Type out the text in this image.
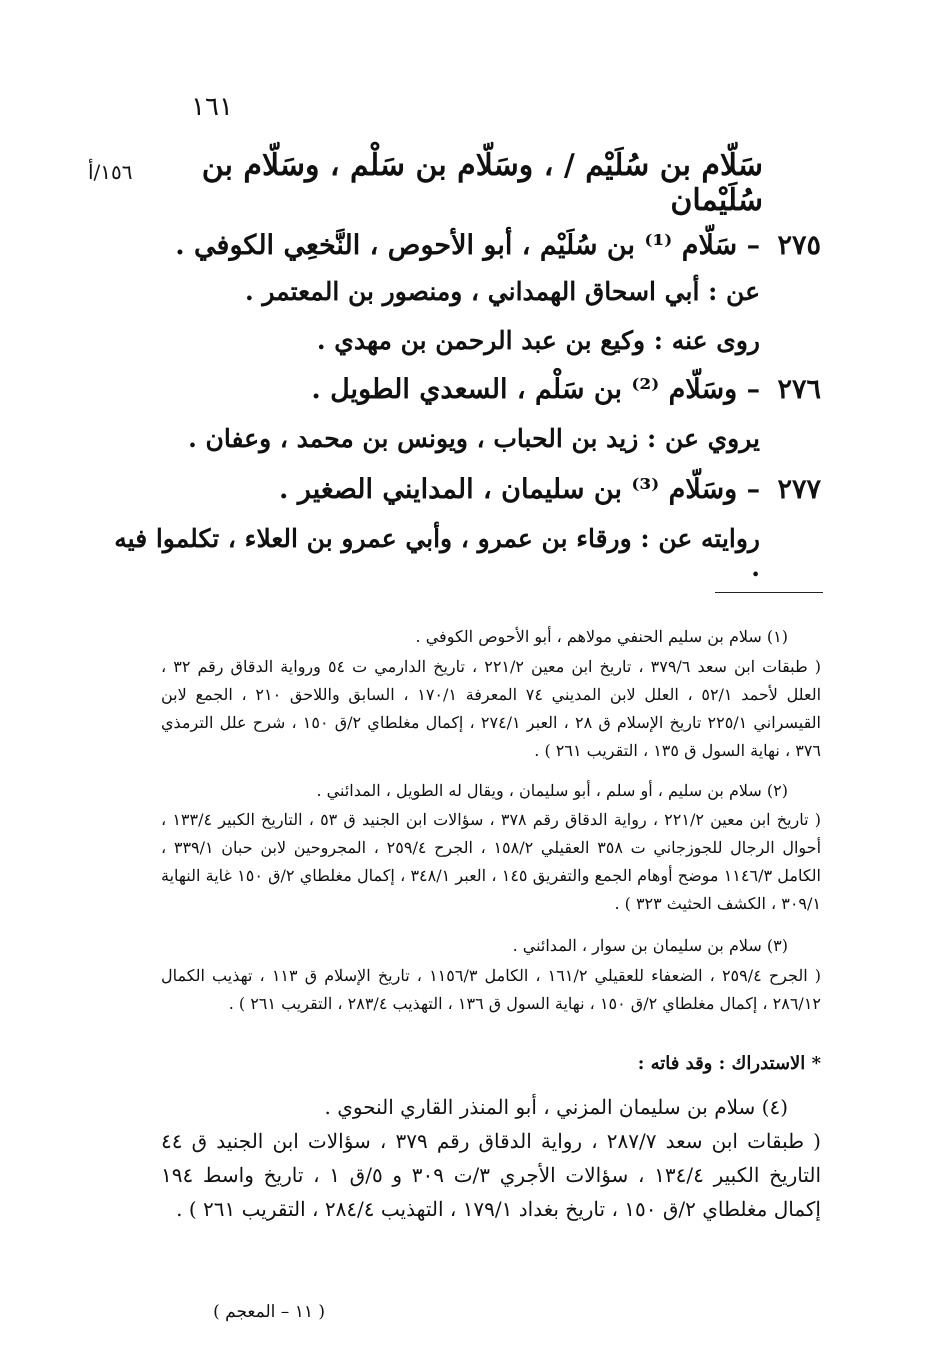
١٦١
سَلّام بن سُلَيْم / ، وسَلّام بن سَلْم ، وسَلّام بن سُلَيْمان
١٥٦/أ
٢٧٥ – سَلّام ⁽¹⁾ بن سُلَيْم ، أبو الأحوص ، النَّخعِي الكوفي .
عن : أبي اسحاق الهمداني ، ومنصور بن المعتمر .
روى عنه : وكيع بن عبد الرحمن بن مهدي .
٢٧٦ – وسَلّام ⁽²⁾ بن سَلْم ، السعدي الطويل .
يروي عن : زيد بن الحباب ، ويونس بن محمد ، وعفان .
٢٧٧ – وسَلّام ⁽³⁾ بن سليمان ، المدايني الصغير .
روايته عن : ورقاء بن عمرو ، وأبي عمرو بن العلاء ، تكلموا فيه .
(١) سلام بن سليم الحنفي مولاهم ، أبو الأحوص الكوفي .
( طبقات ابن سعد ٣٧٩/٦ ، تاريخ ابن معين ٢٢١/٢ ، تاريخ الدارمي ت ٥٤ ورواية الدقاق رقم ٣٢ ، العلل لأحمد ٥٢/١ ، العلل لابن المديني ٧٤ المعرفة ١٧٠/١ ، السابق واللاحق ٢١٠ ، الجمع لابن القيسراني ٢٢٥/١ تاريخ الإسلام ق ٢٨ ، العبر ٢٧٤/١ ، إكمال مغلطاي ٢/ق ١٥٠ ، شرح علل الترمذي ٣٧٦ ، نهاية السول ق ١٣٥ ، التقريب ٢٦١ ) .
(٢) سلام بن سليم ، أو سلم ، أبو سليمان ، ويقال له الطويل ، المدائني .
( تاريخ ابن معين ٢٢١/٢ ، رواية الدقاق رقم ٣٧٨ ، سؤالات ابن الجنيد ق ٥٣ ، التاريخ الكبير ١٣٣/٤ ، أحوال الرجال للجوزجاني ت ٣٥٨ العقيلي ١٥٨/٢ ، الجرح ٢٥٩/٤ ، المجروحين لابن حبان ٣٣٩/١ ، الكامل ١١٤٦/٣ موضح أوهام الجمع والتفريق ١٤٥ ، العبر ٣٤٨/١ ، إكمال مغلطاي ٢/ق ١٥٠ غاية النهاية ٣٠٩/١ ، الكشف الحثيث ٣٢٣ ) .
(٣) سلام بن سليمان بن سوار ، المدائني .
( الجرح ٢٥٩/٤ ، الضعفاء للعقيلي ١٦١/٢ ، الكامل ١١٥٦/٣ ، تاريخ الإسلام ق ١١٣ ، تهذيب الكمال ٢٨٦/١٢ ، إكمال مغلطاي ٢/ق ١٥٠ ، نهاية السول ق ١٣٦ ، التهذيب ٢٨٣/٤ ، التقريب ٢٦١ ) .
* الاستدراك : وقد فاته :
(٤) سلام بن سليمان المزني ، أبو المنذر القاري النحوي .
( طبقات ابن سعد ٢٨٧/٧ ، رواية الدقاق رقم ٣٧٩ ، سؤالات ابن الجنيد ق ٤٤ التاريخ الكبير ١٣٤/٤ ، سؤالات الأجري ٣/ت ٣٠٩ و ٥/ق ١ ، تاريخ واسط ١٩٤ إكمال مغلطاي ٢/ق ١٥٠ ، تاريخ بغداد ١٧٩/١ ، التهذيب ٢٨٤/٤ ، التقريب ٢٦١ ) .
( ١١ – المعجم )
